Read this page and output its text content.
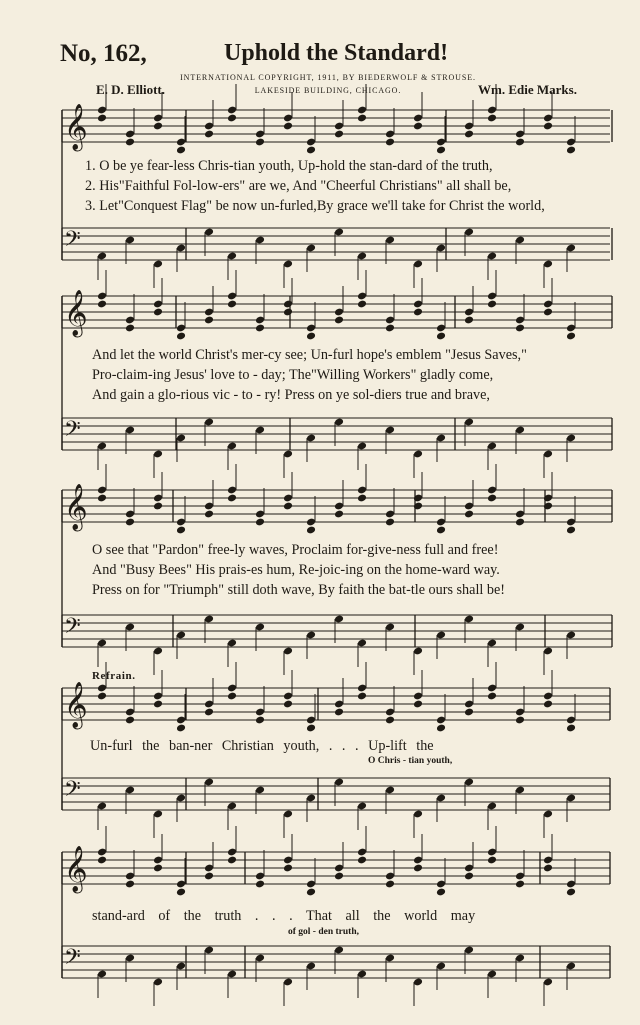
No, 162,	Uphold the Standard!
INTERNATIONAL COPYRIGHT, 1911, BY BIEDERWOLF & STROUSE.
LAKESIDE BUILDING, CHICAGO.
E. D. Elliott.	Wm. Edie Marks.
𝄞
𝄢
𝄞
𝄢
𝄞
𝄢
𝄞
𝄢
𝄞
𝄢
1. O be ye fear-less Chris-tian youth, Up-hold the stan-dard of the truth,
2. His"Faithful Fol-low-ers" are we, And "Cheerful Christians" all shall be,
3. Let"Conquest Flag" be now un-furled,By grace we'll take for Christ the world,
And let the world Christ's mer-cy see; Un-furl hope's emblem "Jesus Saves,"
Pro-claim-ing Jesus' love to - day; The"Willing Workers" gladly come,
And gain a glo-rious vic - to - ry! Press on ye sol-diers true and brave,
O see that "Pardon" free-ly waves, Proclaim for-give-ness full and free!
And "Busy Bees" His prais-es hum, Re-joic-ing on the home-ward way.
Press on for "Triumph" still doth wave, By faith the bat-tle ours shall be!
Refrain.
Un-furl the ban-ner Christian youth, . . . Up-lift the
O Chris - tian youth,
stand-ard of the truth . . . That all the world may
of gol - den truth,
